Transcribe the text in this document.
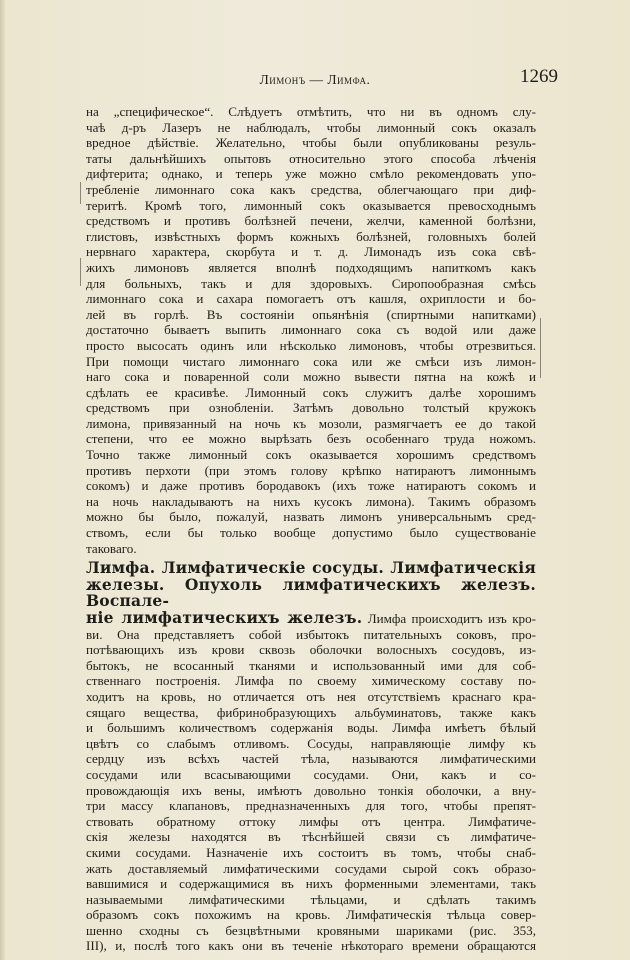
Лимонъ — Лимфа.	1269
на „специфическое“. Слѣдуетъ отмѣтить, что ни въ одномъ слу-
чаѣ д-ръ Лазеръ не наблюдалъ, чтобы лимонный сокъ оказалъ
вредное дѣйствіе. Желательно, чтобы были опубликованы резуль-
таты дальнѣйшихъ опытовъ относительно этого способа лѣченія
дифтерита; однако, и теперь уже можно смѣло рекомендовать упо-
требленіе лимоннаго сока какъ средства, облегчающаго при диф-
теритѣ. Кромѣ того, лимонный сокъ оказывается превосходнымъ
средствомъ и противъ болѣзней печени, желчи, каменной болѣзни,
глистовъ, извѣстныхъ формъ кожныхъ болѣзней, головныхъ болей
нервнаго характера, скорбута и т. д. Лимонадъ изъ сока свѣ-
жихъ лимоновъ является вполнѣ подходящимъ напиткомъ какъ
для больныхъ, такъ и для здоровыхъ. Сиропообразная смѣсь
лимоннаго сока и сахара помогаетъ отъ кашля, охриплости и бо-
лей въ горлѣ. Въ состояніи опьянѣнія (спиртными напитками)
достаточно бываетъ выпить лимоннаго сока съ водой или даже
просто высосать одинъ или нѣсколько лимоновъ, чтобы отрезвиться.
При помощи чистаго лимоннаго сока или же смѣси изъ лимон-
наго сока и поваренной соли можно вывести пятна на кожѣ и
сдѣлать ее красивѣе. Лимонный сокъ служитъ далѣе хорошимъ
средствомъ при ознобленіи. Затѣмъ довольно толстый кружокъ
лимона, привязанный на ночь къ мозоли, размягчаетъ ее до такой
степени, что ее можно вырѣзать безъ особеннаго труда ножомъ.
Точно также лимонный сокъ оказывается хорошимъ средствомъ
противъ перхоти (при этомъ голову крѣпко натираютъ лимоннымъ
сокомъ) и даже противъ бородавокъ (ихъ тоже натираютъ сокомъ и
на ночь накладываютъ на нихъ кусокъ лимона). Такимъ образомъ
можно бы было, пожалуй, назвать лимонъ универсальнымъ сред-
ствомъ, если бы только вообще допустимо было существованіе
таковаго.
Лимфа. Лимфатическіе сосуды. Лимфатическія
железы. Опухоль лимфатическихъ железъ. Воспале-
ніе лимфатическихъ железъ. Лимфа происходитъ изъ кро-
ви. Она представляетъ собой избытокъ питательныхъ соковъ, про-
потѣвающихъ изъ крови сквозь оболочки волосныхъ сосудовъ, из-
бытокъ, не всосанный тканями и использованный ими для соб-
ственнаго построенія. Лимфа по своему химическому составу по-
ходитъ на кровь, но отличается отъ нея отсутствіемъ краснаго кра-
сящаго вещества, фибринобразующихъ альбуминатовъ, также какъ
и большимъ количествомъ содержанія воды. Лимфа имѣетъ бѣлый
цвѣтъ со слабымъ отливомъ. Сосуды, направляющіе лимфу къ
сердцу изъ всѣхъ частей тѣла, называются лимфатическими
сосудами или всасывающими сосудами. Они, какъ и со-
провождающія ихъ вены, имѣютъ довольно тонкія оболочки, а вну-
три массу клапановъ, предназначенныхъ для того, чтобы препят-
ствовать обратному оттоку лимфы отъ центра. Лимфатиче-
скія железы находятся въ тѣснѣйшей связи съ лимфатиче-
скими сосудами. Назначеніе ихъ состоитъ въ томъ, чтобы снаб-
жать доставляемый лимфатическими сосудами сырой сокъ образо-
вавшимися и содержащимися въ нихъ форменными элементами, такъ
называемыми лимфатическими тѣльцами, и сдѣлать такимъ
образомъ сокъ похожимъ на кровь. Лимфатическія тѣльца совер-
шенно сходны съ безцвѣтными кровяными шариками (рис. 353,
III), и, послѣ того какъ они въ теченіе нѣкотораго времени обращаются
